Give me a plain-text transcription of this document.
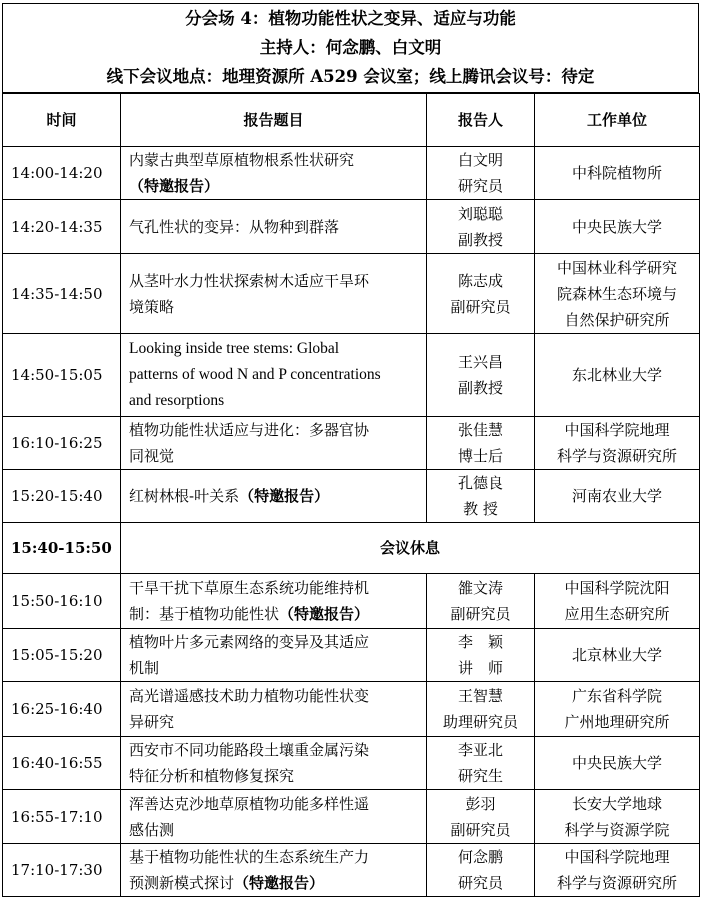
分会场 4：植物功能性状之变异、适应与功能
主持人：何念鹏、白文明
线下会议地点：地理资源所 A529 会议室；线上腾讯会议号：待定
时间	报告题目	报告人	工作单位
14:00-14:20	内蒙古典型草原植物根系性状研究
（特邀报告）	白文明
研究员	中科院植物所

14:20-14:35	气孔性状的变异：从物种到群落	刘聪聪
副教授	中央民族大学

14:35-14:50	从茎叶水力性状探索树木适应干旱环
境策略	陈志成
副研究员	中国林业科学研究
院森林生态环境与
自然保护研究所

14:50-15:05	Looking inside tree stems: Global
patterns of wood N and P concentrations
and resorptions	王兴昌
副教授	东北林业大学

16:10-16:25	植物功能性状适应与进化：多器官协
同视觉	张佳慧
博士后	中国科学院地理
科学与资源研究所

15:20-15:40	红树林根-叶关系（特邀报告）	孔德良
教 授	河南农业大学

15:40-15:50	会议休息		
15:50-16:10	干旱干扰下草原生态系统功能维持机
制：基于植物功能性状（特邀报告）	雒文涛
副研究员	中国科学院沈阳
应用生态研究所

15:05-15:20	植物叶片多元素网络的变异及其适应
机制	李　颖
讲　师	北京林业大学

16:25-16:40	高光谱遥感技术助力植物功能性状变
异研究	王智慧
助理研究员	广东省科学院
广州地理研究所

16:40-16:55	西安市不同功能路段土壤重金属污染
特征分析和植物修复探究	李亚北
研究生	中央民族大学

16:55-17:10	浑善达克沙地草原植物功能多样性遥
感估测	彭羽
副研究员	长安大学地球
科学与资源学院

17:10-17:30	基于植物功能性状的生态系统生产力
预测新模式探讨（特邀报告）	何念鹏
研究员	中国科学院地理
科学与资源研究所
